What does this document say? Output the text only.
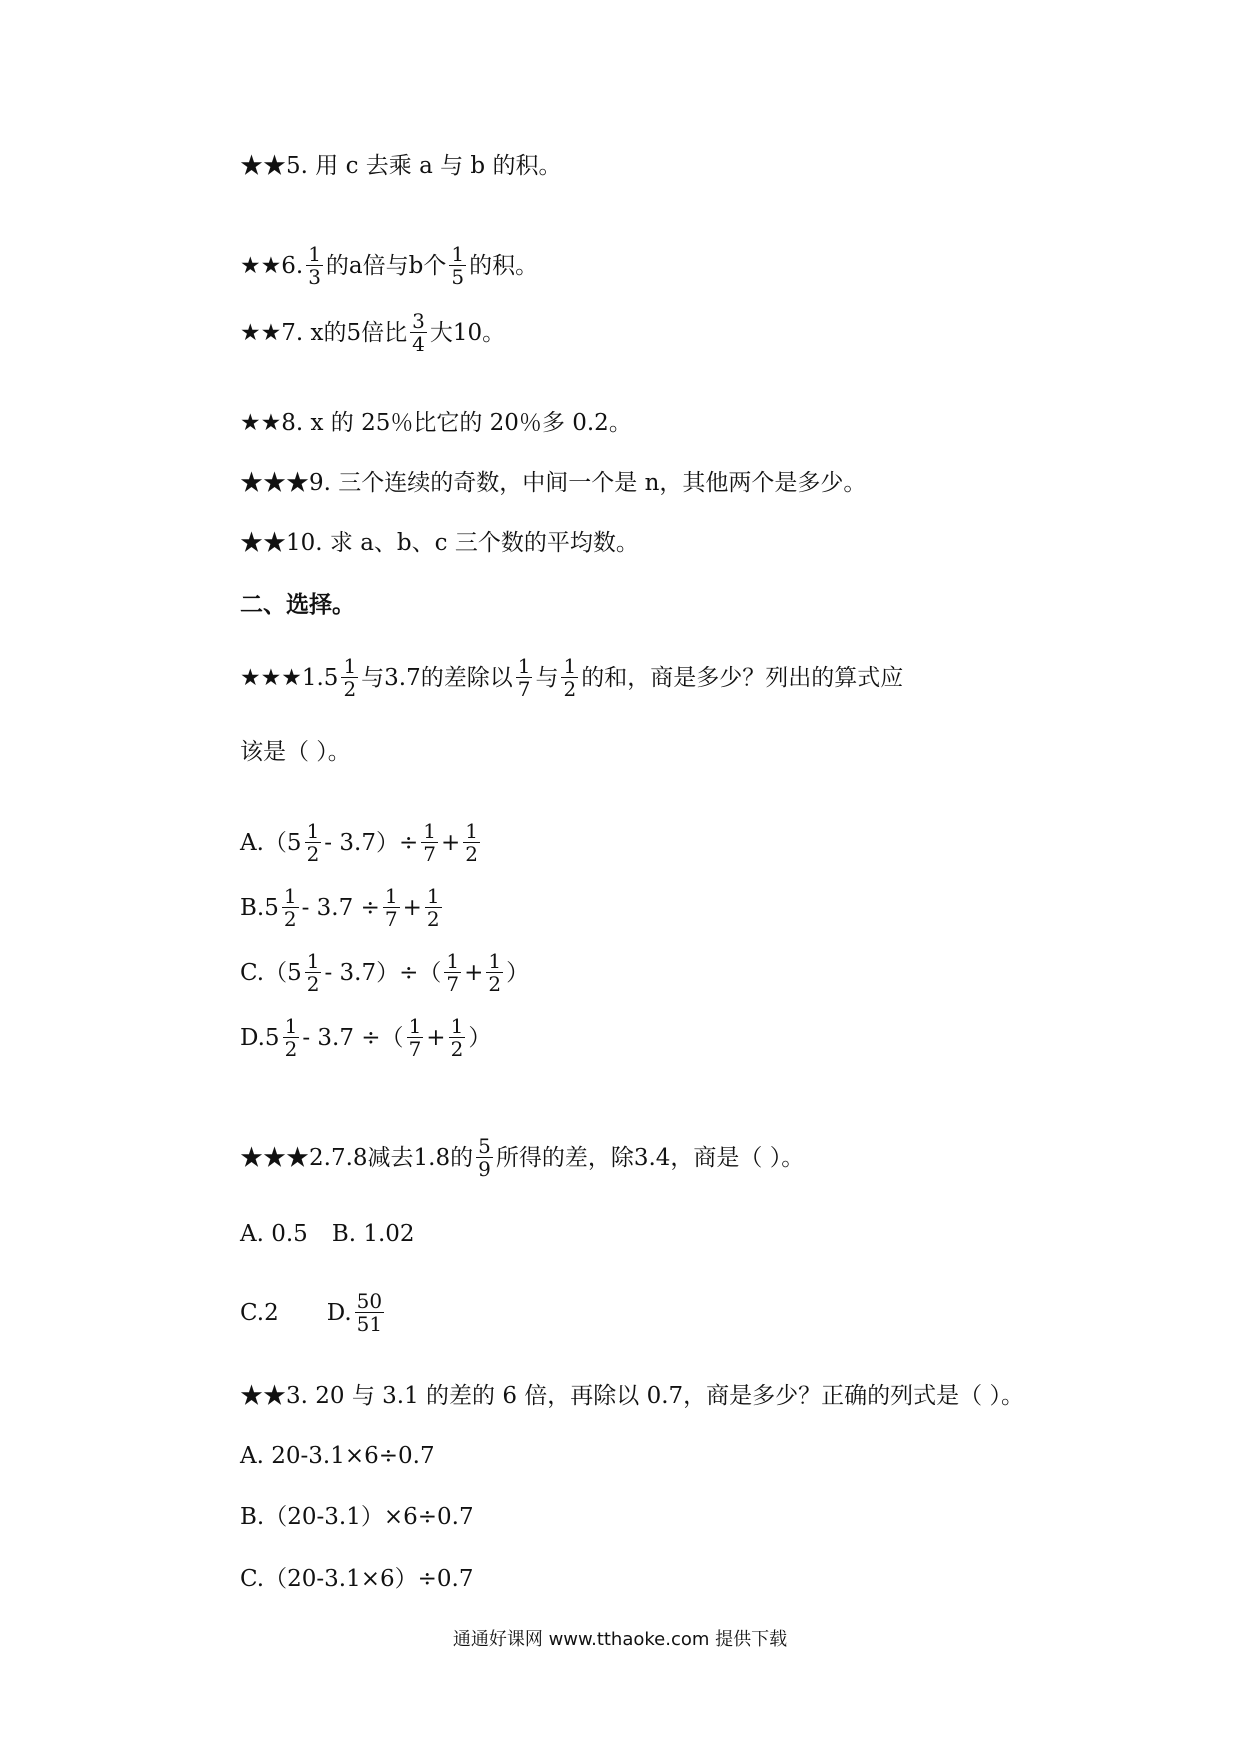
★★5. 用 c 去乘 a 与 b 的积。
★★6. $\frac{1}{3}$ 的a倍与b个 $\frac{1}{5}$ 的积。
★★7. x的5倍比 $\frac{3}{4}$ 大10。
★★8. x 的 25％比它的 20％多 0.2。
★★★9. 三个连续的奇数，中间一个是 n，其他两个是多少。
★★10. 求 a、b、c 三个数的平均数。
二、选择。
★★★1.5 $\frac{1}{2}$ 与3.7的差除以 $\frac{1}{7}$ 与 $\frac{1}{2}$ 的和，商是多少？列出的算式应
该是（ ）。
$A.(5 \frac{1}{2} - 3.7)\div \frac{1}{7} + \frac{1}{2}$
$B.5 \frac{1}{2} - 3.7 \div \frac{1}{7} + \frac{1}{2}$
$C.(5 \frac{1}{2} - 3.7)\div( \frac{1}{7} + \frac{1}{2}$ ）
$D.5 \frac{1}{2} - 3.7$ ÷（ $\frac{1}{7} + \frac{1}{2}$ ）
★★★2.7.8减去1.8的 $\frac{5}{9}$ 所得的差，除3.4，商是（ ）。
A. 0.5 B. 1.02
C.2 D. $\frac{50}{51}$
★★3. 20 与 3.1 的差的 6 倍，再除以 0.7，商是多少？正确的列式是（ ）。
A. 20-3.1×6÷0.7
B.（20-3.1）×6÷0.7
C.（20-3.1×6）÷0.7
通通好课网 www.tthaoke.com 提供下载
